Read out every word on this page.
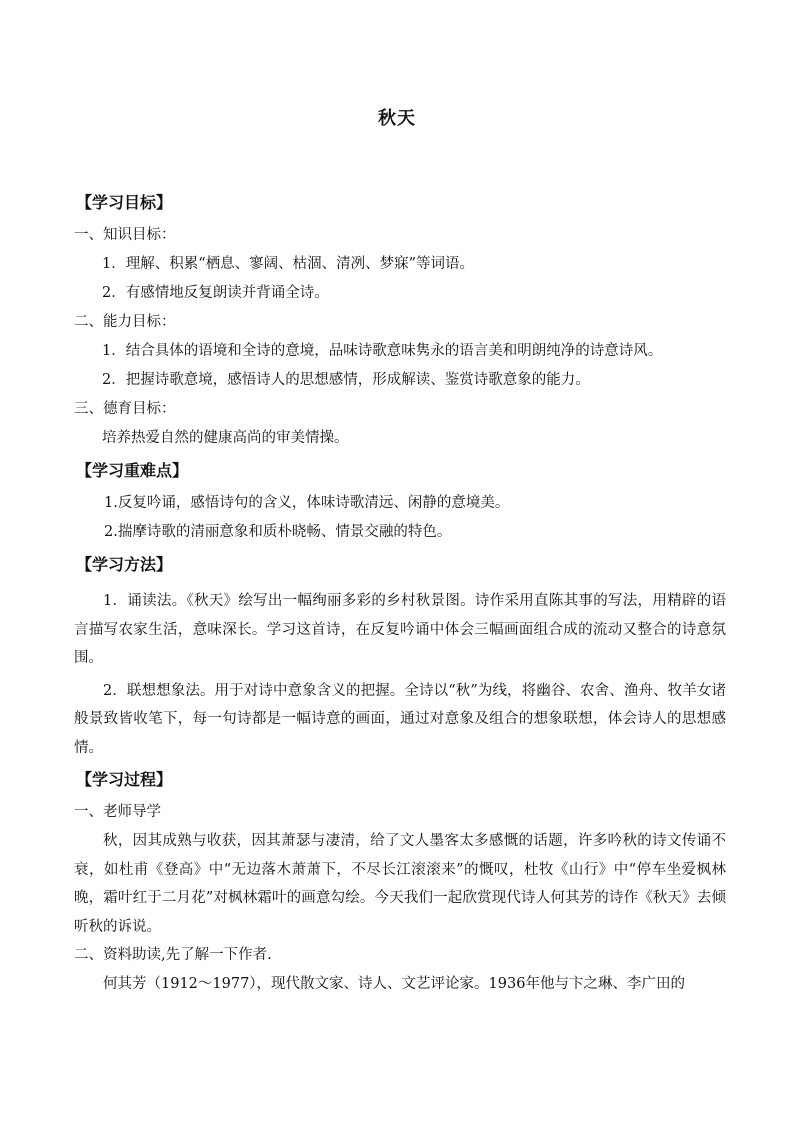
秋天
【学习目标】
一、知识目标：
1．理解、积累“栖息、寥阔、枯涸、清冽、梦寐”等词语。
2．有感情地反复朗读并背诵全诗。
二、能力目标：
1．结合具体的语境和全诗的意境，品味诗歌意味隽永的语言美和明朗纯净的诗意诗风。
2．把握诗歌意境，感悟诗人的思想感情，形成解读、鉴赏诗歌意象的能力。
三、德育目标：
培养热爱自然的健康高尚的审美情操。
【学习重难点】
1.反复吟诵，感悟诗句的含义，体味诗歌清远、闲静的意境美。
2.揣摩诗歌的清丽意象和质朴晓畅、情景交融的特色。
【学习方法】

1．诵读法。《秋天》绘写出一幅绚丽多彩的乡村秋景图。诗作采用直陈其事的写法，用精辟的语言描写农家生活，意味深长。学习这首诗，在反复吟诵中体会三幅画面组合成的流动又整合的诗意氛围。

2．联想想象法。用于对诗中意象含义的把握。全诗以“秋”为线，将幽谷、农舍、渔舟、牧羊女诸般景致皆收笔下，每一句诗都是一幅诗意的画面，通过对意象及组合的想象联想，体会诗人的思想感情。

【学习过程】
一、老师导学

秋，因其成熟与收获，因其萧瑟与凄清，给了文人墨客太多感慨的话题，许多吟秋的诗文传诵不衰，如杜甫《登高》中“无边落木萧萧下，不尽长江滚滚来”的慨叹，杜牧《山行》中“停车坐爱枫林晚，霜叶红于二月花”对枫林霜叶的画意勾绘。今天我们一起欣赏现代诗人何其芳的诗作《秋天》去倾听秋的诉说。

二、资料助读,先了解一下作者.

何其芳（1912～1977），现代散文家、诗人、文艺评论家。1936年他与卞之琳、李广田的
